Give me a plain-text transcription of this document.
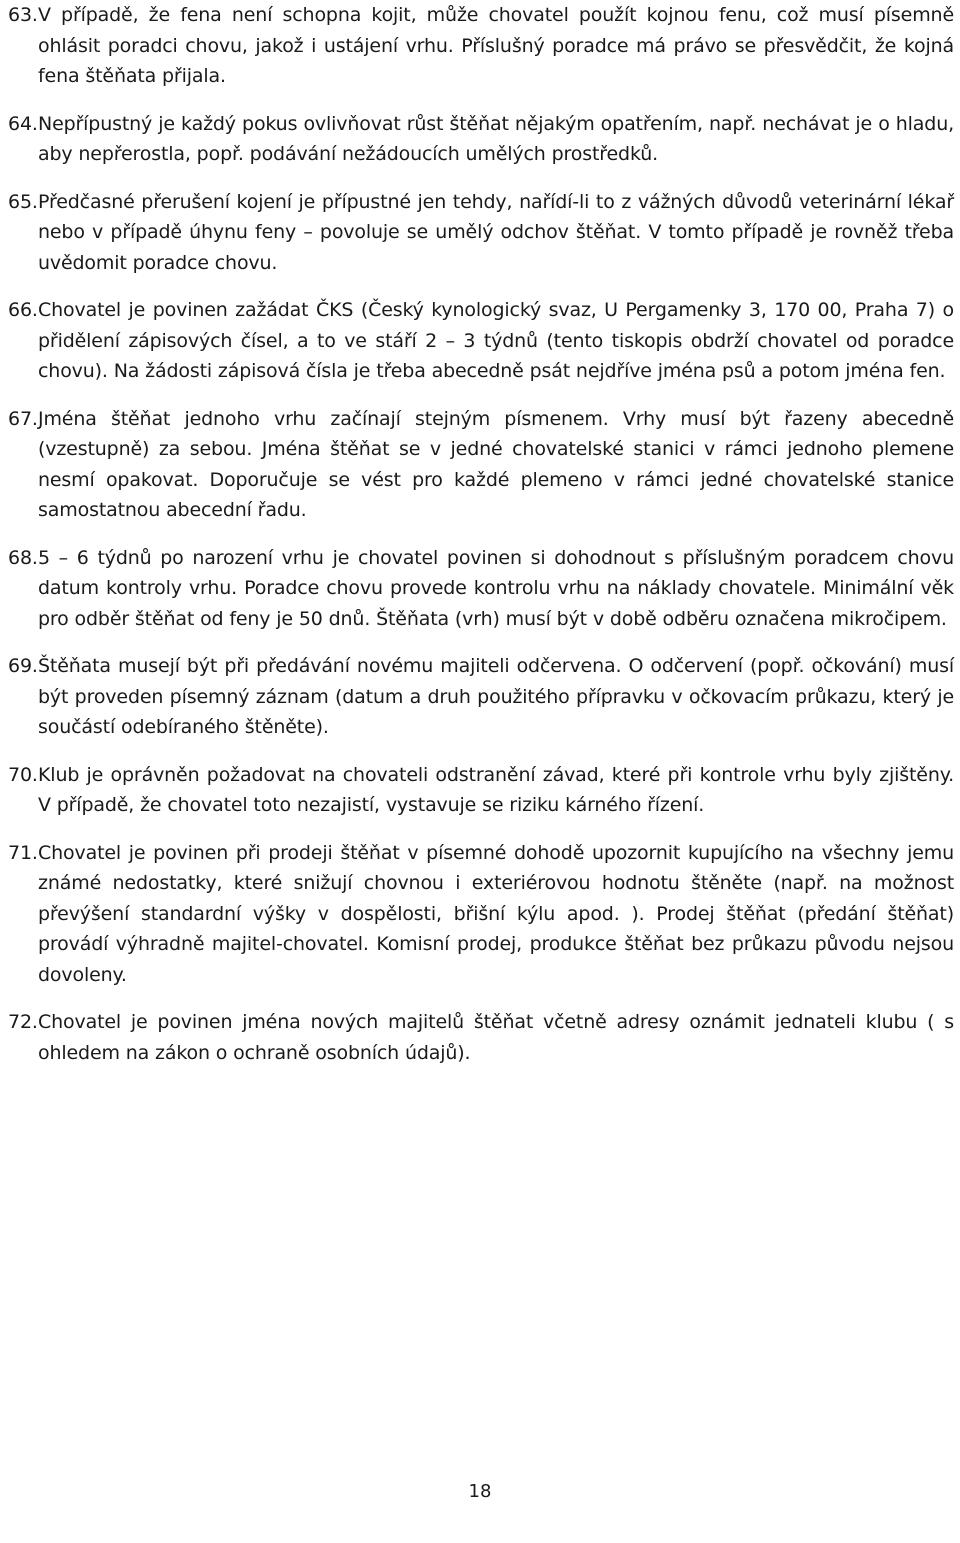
63. V případě, že fena není schopna kojit, může chovatel použít kojnou fenu, což musí písemně ohlásit poradci chovu, jakož i ustájení vrhu. Příslušný poradce má právo se přesvědčit, že kojná fena štěňata přijala.

64. Nepřípustný je každý pokus ovlivňovat růst štěňat nějakým opatřením, např. nechávat je o hladu, aby nepřerostla, popř. podávání nežádoucích umělých prostředků.

65. Předčasné přerušení kojení je přípustné jen tehdy, nařídí-li to z vážných důvodů veterinární lékař nebo v případě úhynu feny – povoluje se umělý odchov štěňat. V tomto případě je rovněž třeba uvědomit poradce chovu.

66. Chovatel je povinen zažádat ČKS (Český kynologický svaz, U Pergamenky 3, 170 00, Praha 7) o přidělení zápisových čísel, a to ve stáří 2 – 3 týdnů (tento tiskopis obdrží chovatel od poradce chovu). Na žádosti zápisová čísla je třeba abecedně psát nejdříve jména psů a potom jména fen.

67. Jména štěňat jednoho vrhu začínají stejným písmenem. Vrhy musí být řazeny abecedně (vzestupně) za sebou. Jména štěňat se v jedné chovatelské stanici v rámci jednoho plemene nesmí opakovat. Doporučuje se vést pro každé plemeno v rámci jedné chovatelské stanice samostatnou abecední řadu.

68. 5 – 6 týdnů po narození vrhu je chovatel povinen si dohodnout s příslušným poradcem chovu datum kontroly vrhu. Poradce chovu provede kontrolu vrhu na náklady chovatele. Minimální věk pro odběr štěňat od feny je 50 dnů. Štěňata (vrh) musí být v době odběru označena mikročipem.

69. Štěňata musejí být při předávání novému majiteli odčervena. O odčervení (popř. očkování) musí být proveden písemný záznam (datum a druh použitého přípravku v očkovacím průkazu, který je součástí odebíraného štěněte).

70. Klub je oprávněn požadovat na chovateli odstranění závad, které při kontrole vrhu byly zjištěny. V případě, že chovatel toto nezajistí, vystavuje se riziku kárného řízení.

71. Chovatel je povinen při prodeji štěňat v písemné dohodě upozornit kupujícího na všechny jemu známé nedostatky, které snižují chovnou i exteriérovou hodnotu štěněte (např. na možnost převýšení standardní výšky v dospělosti, břišní kýlu apod. ). Prodej štěňat (předání štěňat) provádí výhradně majitel-chovatel. Komisní prodej, produkce štěňat bez průkazu původu nejsou dovoleny.

72. Chovatel je povinen jména nových majitelů štěňat včetně adresy oznámit jednateli klubu ( s ohledem na zákon o ochraně osobních údajů).

18
